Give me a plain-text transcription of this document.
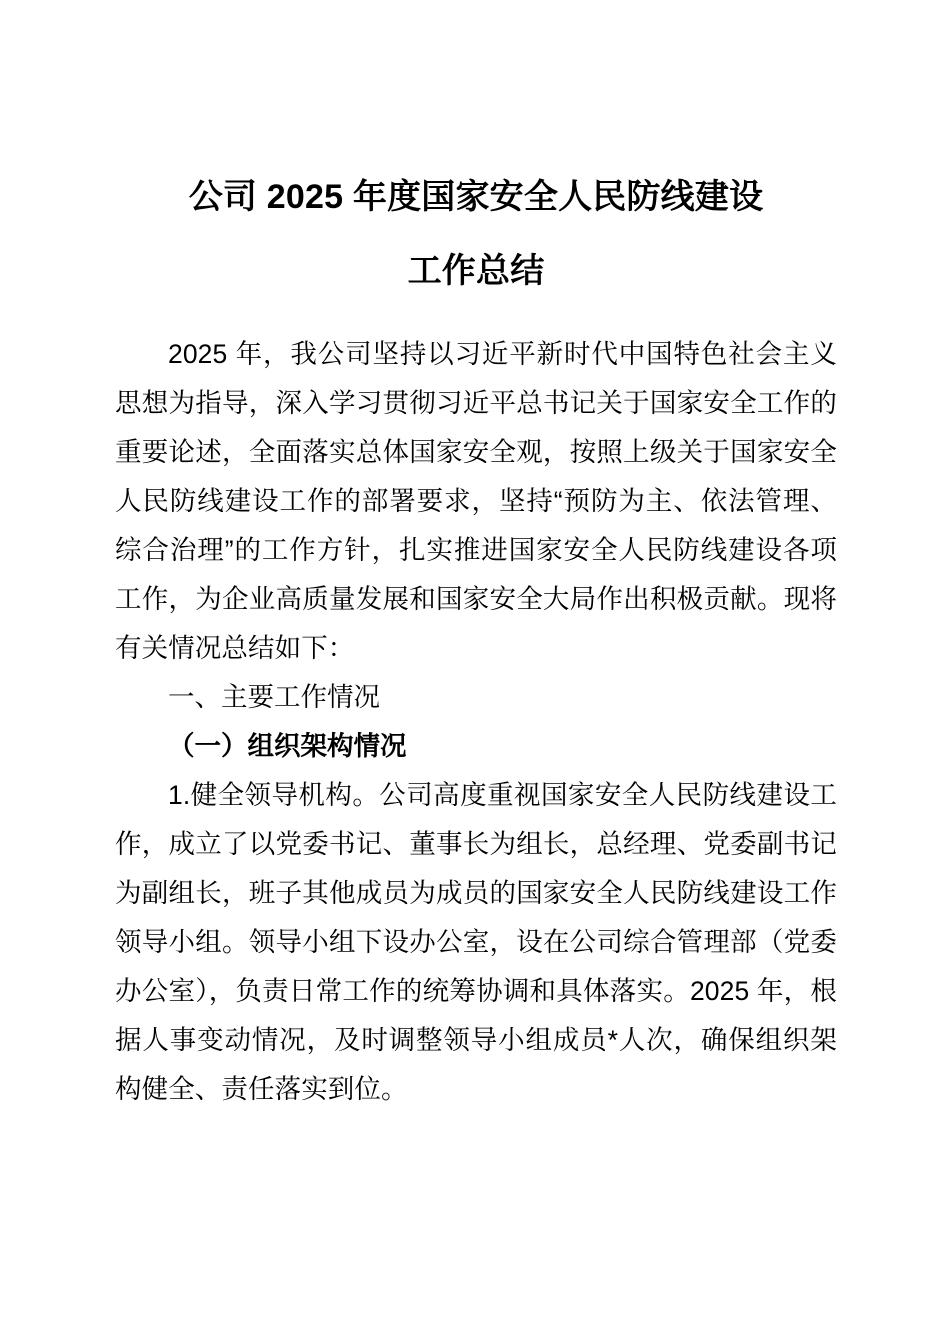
公司 2025 年度国家安全人民防线建设
工作总结

2025 年，我公司坚持以习近平新时代中国特色社会主义思想为指导，深入学习贯彻习近平总书记关于国家安全工作的重要论述，全面落实总体国家安全观，按照上级关于国家安全人民防线建设工作的部署要求，坚持“预防为主、依法管理、综合治理”的工作方针，扎实推进国家安全人民防线建设各项工作，为企业高质量发展和国家安全大局作出积极贡献。现将有关情况总结如下：

一、主要工作情况

（一）组织架构情况

1.健全领导机构。公司高度重视国家安全人民防线建设工作，成立了以党委书记、董事长为组长，总经理、党委副书记为副组长，班子其他成员为成员的国家安全人民防线建设工作领导小组。领导小组下设办公室，设在公司综合管理部（党委办公室），负责日常工作的统筹协调和具体落实。2025 年，根据人事变动情况，及时调整领导小组成员*人次，确保组织架构健全、责任落实到位。
